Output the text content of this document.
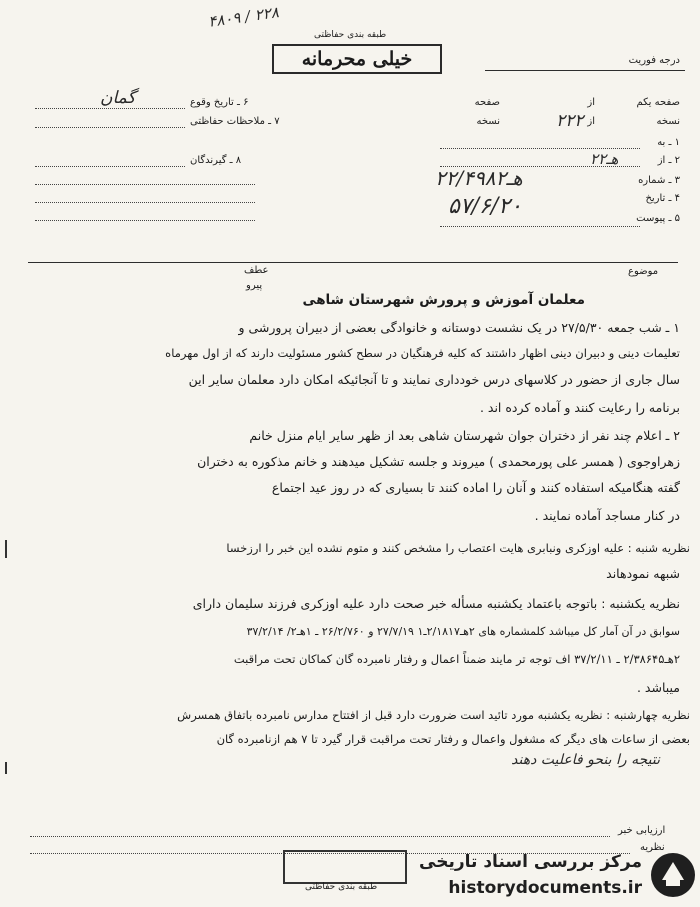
۴۸۰۹ / ۲۲۸
طبقه بندی حفاظتی
خیلی محرمانه	درجه فوریت
صفحه یکم
از
صفحه
نسخه
۲۲۲ از
نسخه
۱ ـ به
۲ ـ از
۲هـ۲
۳ ـ شماره
۲هـ۲/۴۹۸۲
۴ ـ تاریخ
۵۷/۶/۲۰	۵ ـ پیوست
۶ ـ تاریخ وقوع
گمان
۷ ـ ملاحظات حفاظتی
۸ ـ گیرندگان
عطف
پیرو
موضوع
معلمان آموزش و پرورش شهرستان شاهی
۱ ـ شب جمعه ۲۷/۵/۳۰ در یک نشست دوستانه و خانوادگی بعضی از دبیران پرورشی و
تعلیمات دینی و دبیران دینی اظهار داشتند که کلیه فرهنگیان در سطح کشور مسئولیت دارند که از اول مهرماه
سال جاری از حضور در کلاسهای درس خودداری نمایند و تا آنجائیکه امکان دارد معلمان سایر این
برنامه را رعایت کنند و آماده کرده اند .
۲ ـ اعلام چند نفر از دختران جوان شهرستان شاهی بعد از ظهر سایر ایام منزل خانم
زهراوجوی ( همسر علی پورمحمدی ) میروند و جلسه تشکیل میدهند و خانم مذکوره به دختران
گفته هنگامیکه استفاده کنند و آنان را اماده کنند تا بسیاری که در روز عید اجتماع
در کنار مساجد آماده نمایند .
نظریه شنبه : علیه اوزکری ونبابری هایت اعتصاب را مشخص کنند و متوم نشده این خبر را ارزخسا
شبهه نمودهاند
نظریه یکشنبه : باتوجه باعتماد یکشنبه مسأله خبر صحت دارد علیه اوزکری فرزند سلیمان دارای
سوابق در آن آمار کل میباشد کلمشماره های ۲هـ۲/۱۸۱۷ـ۱ ۲۷/۷/۱۹ و ۲۶/۲/۷۶۰ ـ ۱هـ۲/ ۳۷/۲/۱۴
۲هـ۲/۳۸۶۴۵ ـ ۳۷/۲/۱۱ اف توجه تر مایند ضمناً اعمال و رفتار نامبرده گان کماکان تحت مراقبت
میباشد .
نظریه چهارشنبه : نظریه یکشنبه مورد تائید است ضرورت دارد قبل از افتتاح مدارس نامبرده باتفاق همسرش
بعضی از ساعات های دیگر که مشغول واعمال و رفتار تحت مراقبت قرار گیرد تا ۷ هم ازنامبرده گان
نتیجه را بنحو فاعلیت دهند
ارزیابی خبر
نظریه
طبقه بندی حفاظتی
مرکز بررسی اسناد تاریخی
historydocuments.ir
